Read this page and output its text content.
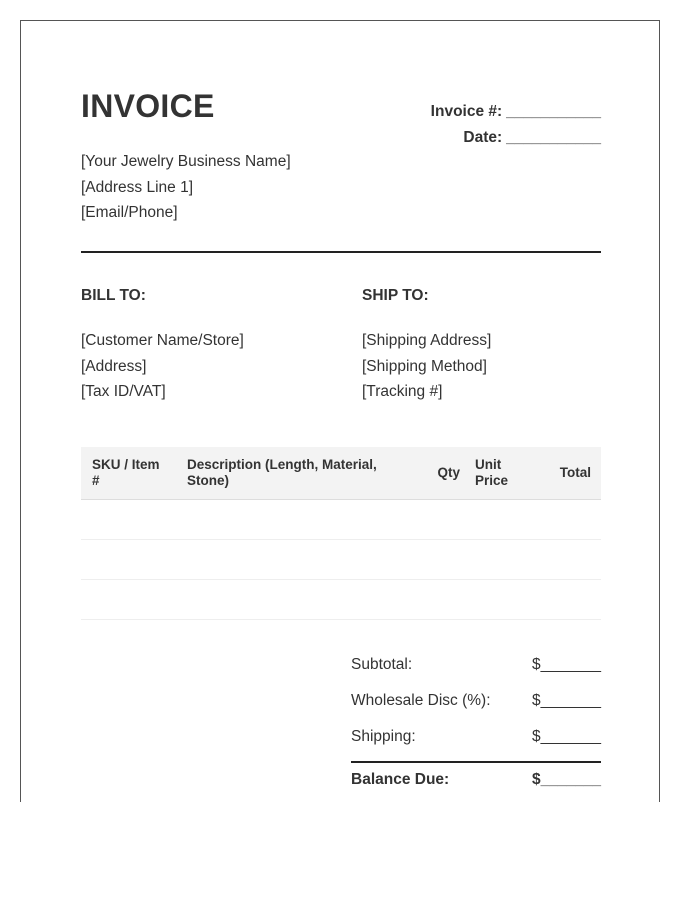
INVOICE	Invoice #: ___________
Date: ___________
[Your Jewelry Business Name]
[Address Line 1]
[Email/Phone]
BILL TO:
[Customer Name/Store]
[Address]
[Tax ID/VAT]
SHIP TO:
[Shipping Address]
[Shipping Method]
[Tracking #]
SKU / Item #	Description (Length, Material, Stone)	Qty	Unit Price	Total

Subtotal:	$_______
Wholesale Disc (%):	$_______
Shipping:	$_______
Balance Due:	$_______
